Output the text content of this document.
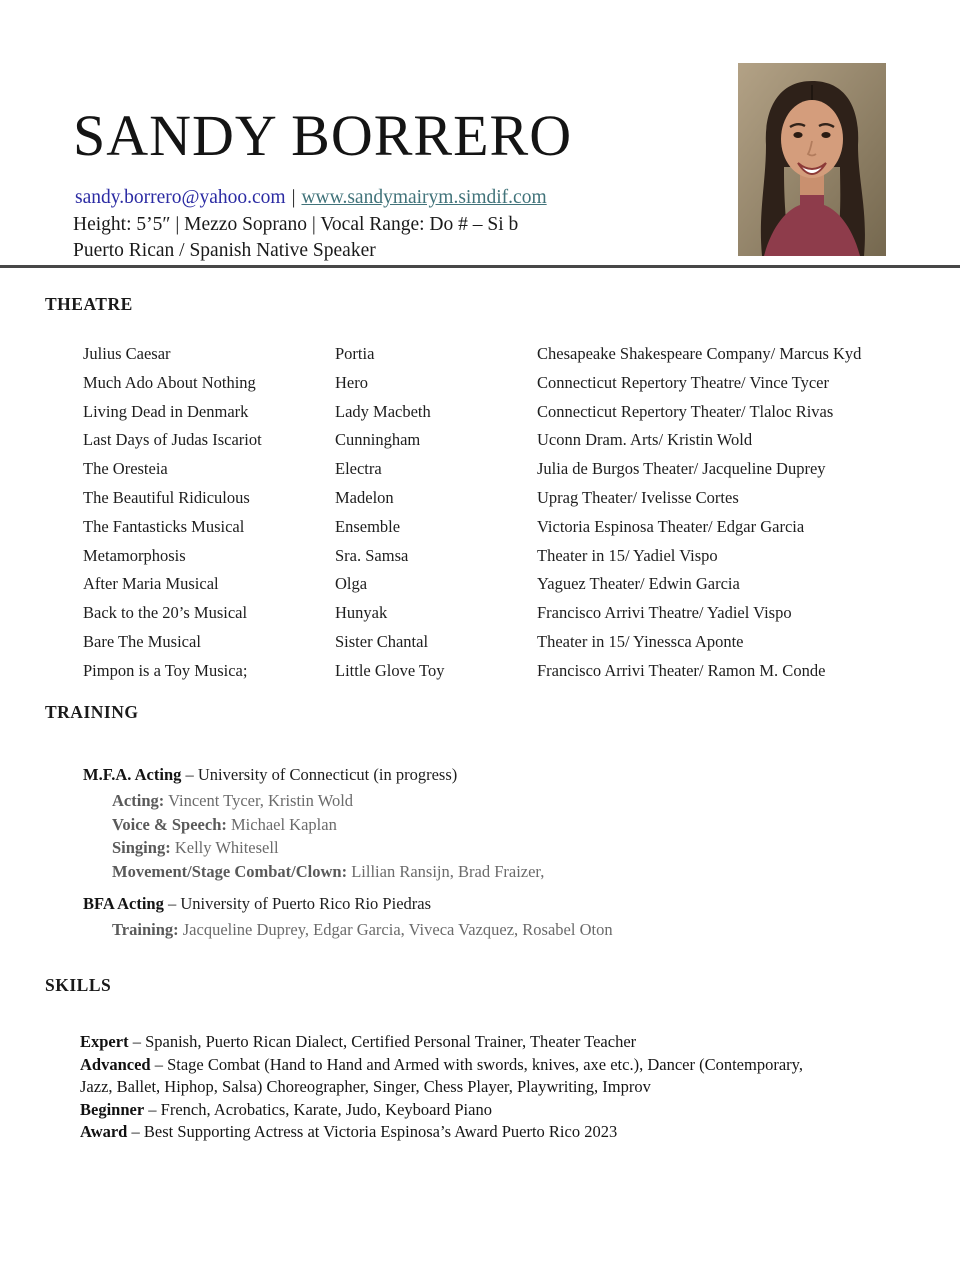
SANDY BORRERO
sandy.borrero@yahoo.com | www.sandymairym.simdif.com
Height: 5’5″ | Mezzo Soprano | Vocal Range: Do # – Si b
Puerto Rican / Spanish Native Speaker
THEATRE
Julius Caesar	Portia	Chesapeake Shakespeare Company/ Marcus Kyd
Much Ado About Nothing	Hero	Connecticut Repertory Theatre/ Vince Tycer
Living Dead in Denmark	Lady Macbeth	Connecticut Repertory Theater/ Tlaloc Rivas
Last Days of Judas Iscariot	Cunningham	Uconn Dram. Arts/ Kristin Wold
The Oresteia	Electra	Julia de Burgos Theater/ Jacqueline Duprey
The Beautiful Ridiculous	Madelon	Uprag Theater/ Ivelisse Cortes
The Fantasticks Musical	Ensemble	Victoria Espinosa Theater/ Edgar Garcia
Metamorphosis	Sra. Samsa	Theater in 15/ Yadiel Vispo
After Maria Musical	Olga	Yaguez Theater/ Edwin Garcia
Back to the 20’s Musical	Hunyak	Francisco Arrivi Theatre/ Yadiel Vispo
Bare The Musical	Sister Chantal	Theater in 15/ Yinessca Aponte
Pimpon is a Toy Musica;	Little Glove Toy	Francisco Arrivi Theater/ Ramon M. Conde
TRAINING
M.F.A. Acting – University of Connecticut (in progress)
Acting: Vincent Tycer, Kristin Wold
Voice & Speech: Michael Kaplan
Singing: Kelly Whitesell
Movement/Stage Combat/Clown: Lillian Ransijn, Brad Fraizer,
BFA Acting – University of Puerto Rico Rio Piedras
Training: Jacqueline Duprey, Edgar Garcia, Viveca Vazquez, Rosabel Oton
SKILLS

Expert – Spanish, Puerto Rican Dialect, Certified Personal Trainer, Theater Teacher

Advanced – Stage Combat (Hand to Hand and Armed with swords, knives, axe etc.), Dancer (Contemporary, Jazz, Ballet, Hiphop, Salsa) Choreographer, Singer, Chess Player, Playwriting, Improv

Beginner – French, Acrobatics, Karate, Judo, Keyboard Piano

Award – Best Supporting Actress at Victoria Espinosa’s Award Puerto Rico 2023
